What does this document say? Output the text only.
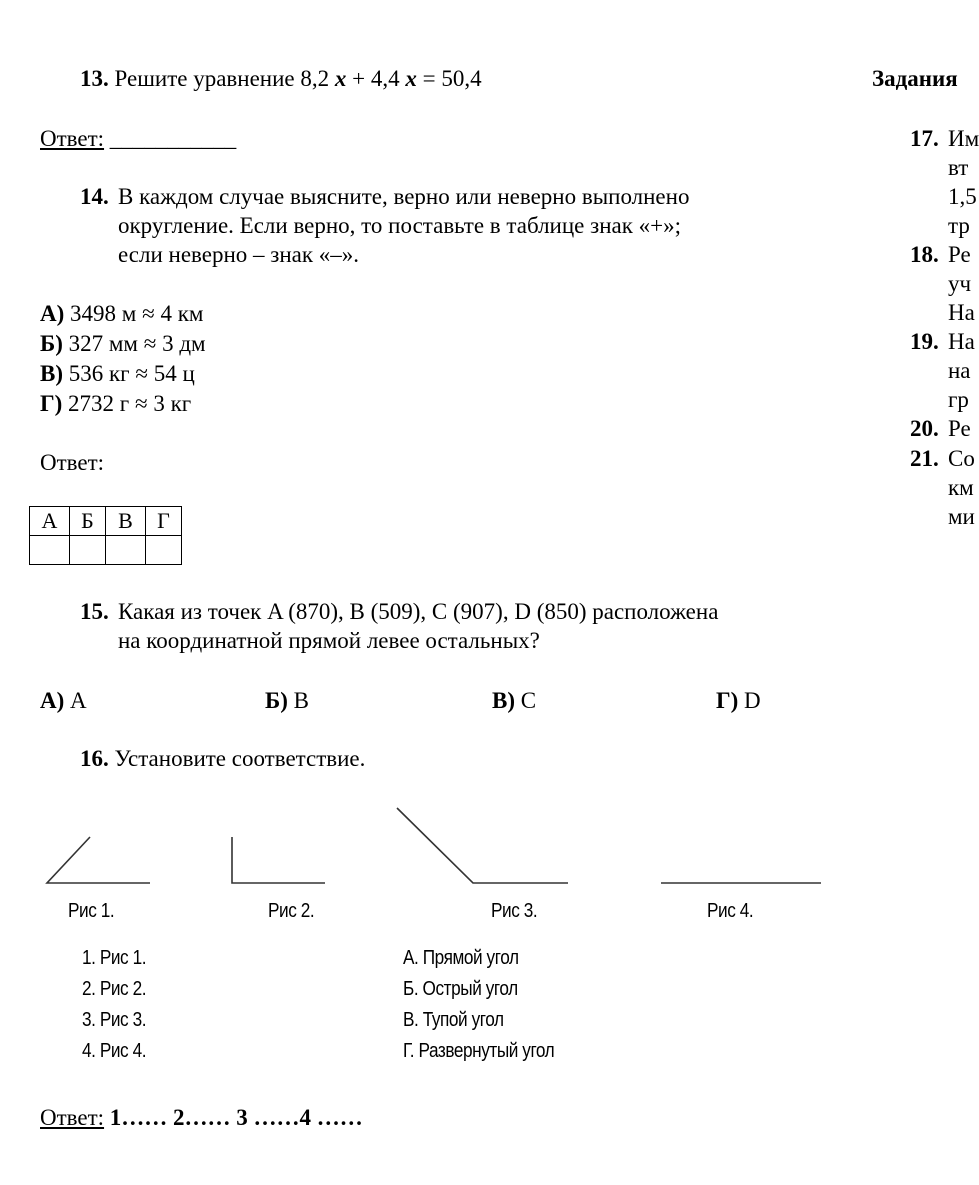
13. Решите уравнение 8,2 x + 4,4 x = 50,4
Ответ: ___________
14. В каждом случае выясните, верно или неверно выполнено
округление. Если верно, то поставьте в таблице знак «+»;
если неверно – знак «–».
А) 3498 м ≈ 4 км
Б) 327 мм ≈ 3 дм
В) 536 кг ≈ 54 ц
Г) 2732 г ≈ 3 кг
Ответ:
А	Б	В	Г

15. Какая из точек A (870), B (509), C (907), D (850) расположена
на координатной прямой левее остальных?
А) A	Б) B	В) C	Г) D
16. Установите соответствие.
Рис 1.	Рис 2.	Рис 3.	Рис 4.
1. Рис 1.
2. Рис 2.
3. Рис 3.
4. Рис 4.
А. Прямой угол
Б. Острый угол
В. Тупой угол
Г. Развернутый угол
Ответ: 1…… 2…… 3 ……4 ……
Задания
17. Им
вт
1,5
тр
18. Ре
уч
На
19. На
на
гр
20. Ре
21. Со
км
ми
